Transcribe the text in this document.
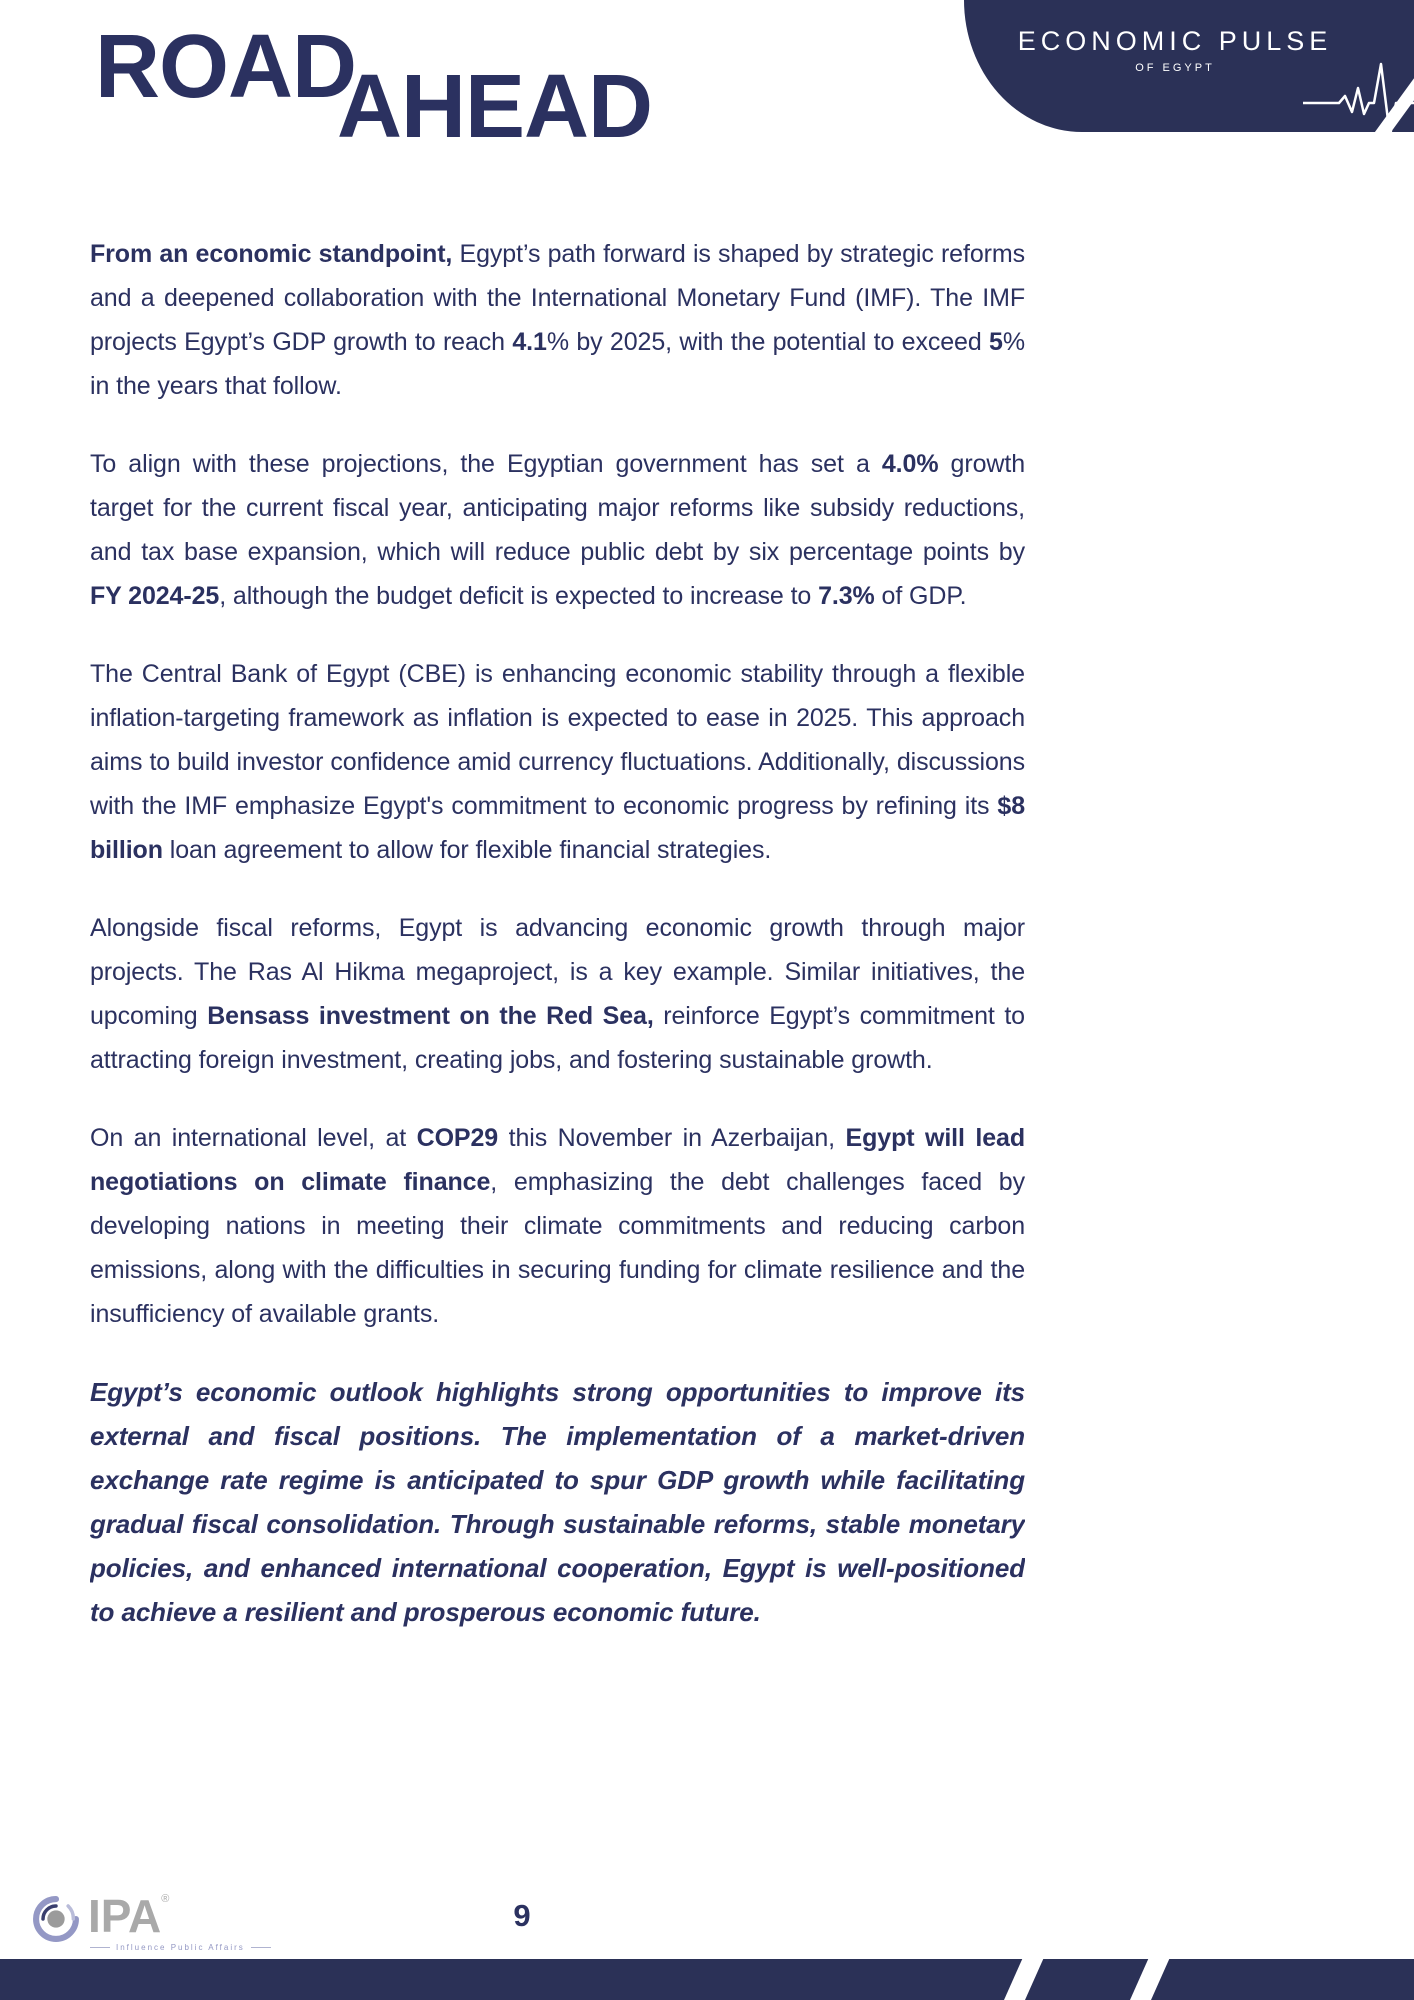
ROAD
AHEAD
ECONOMIC PULSE
OF EGYPT

From an economic standpoint, Egypt’s path forward is shaped by strategic reforms and a deepened collaboration with the International Monetary Fund (IMF). The IMF projects Egypt’s GDP growth to reach 4.1% by 2025, with the potential to exceed 5% in the years that follow.

To align with these projections, the Egyptian government has set a 4.0% growth target for the current fiscal year, anticipating major reforms like subsidy reductions, and tax base expansion, which will reduce public debt by six percentage points by FY 2024-25, although the budget deficit is expected to increase to 7.3% of GDP.

The Central Bank of Egypt (CBE) is enhancing economic stability through a flexible inflation-targeting framework as inflation is expected to ease in 2025. This approach aims to build investor confidence amid currency fluctuations. Additionally, discussions with the IMF emphasize Egypt's commitment to economic progress by refining its $8 billion loan agreement to allow for flexible financial strategies.

Alongside fiscal reforms, Egypt is advancing economic growth through major projects. The Ras Al Hikma megaproject, is a key example. Similar initiatives, the upcoming Bensass investment on the Red Sea, reinforce Egypt’s commitment to attracting foreign investment, creating jobs, and fostering sustainable growth.

On an international level, at COP29 this November in Azerbaijan, Egypt will lead negotiations on climate finance, emphasizing the debt challenges faced by developing nations in meeting their climate commitments and reducing carbon emissions, along with the difficulties in securing funding for climate resilience and the insufficiency of available grants.

Egypt’s economic outlook highlights strong opportunities to improve its external and fiscal positions. The implementation of a market-driven exchange rate regime is anticipated to spur GDP growth while facilitating gradual fiscal consolidation. Through sustainable reforms, stable monetary policies, and enhanced international cooperation, Egypt is well-positioned to achieve a resilient and prosperous economic future.

IPA®
Influence Public Affairs
9
